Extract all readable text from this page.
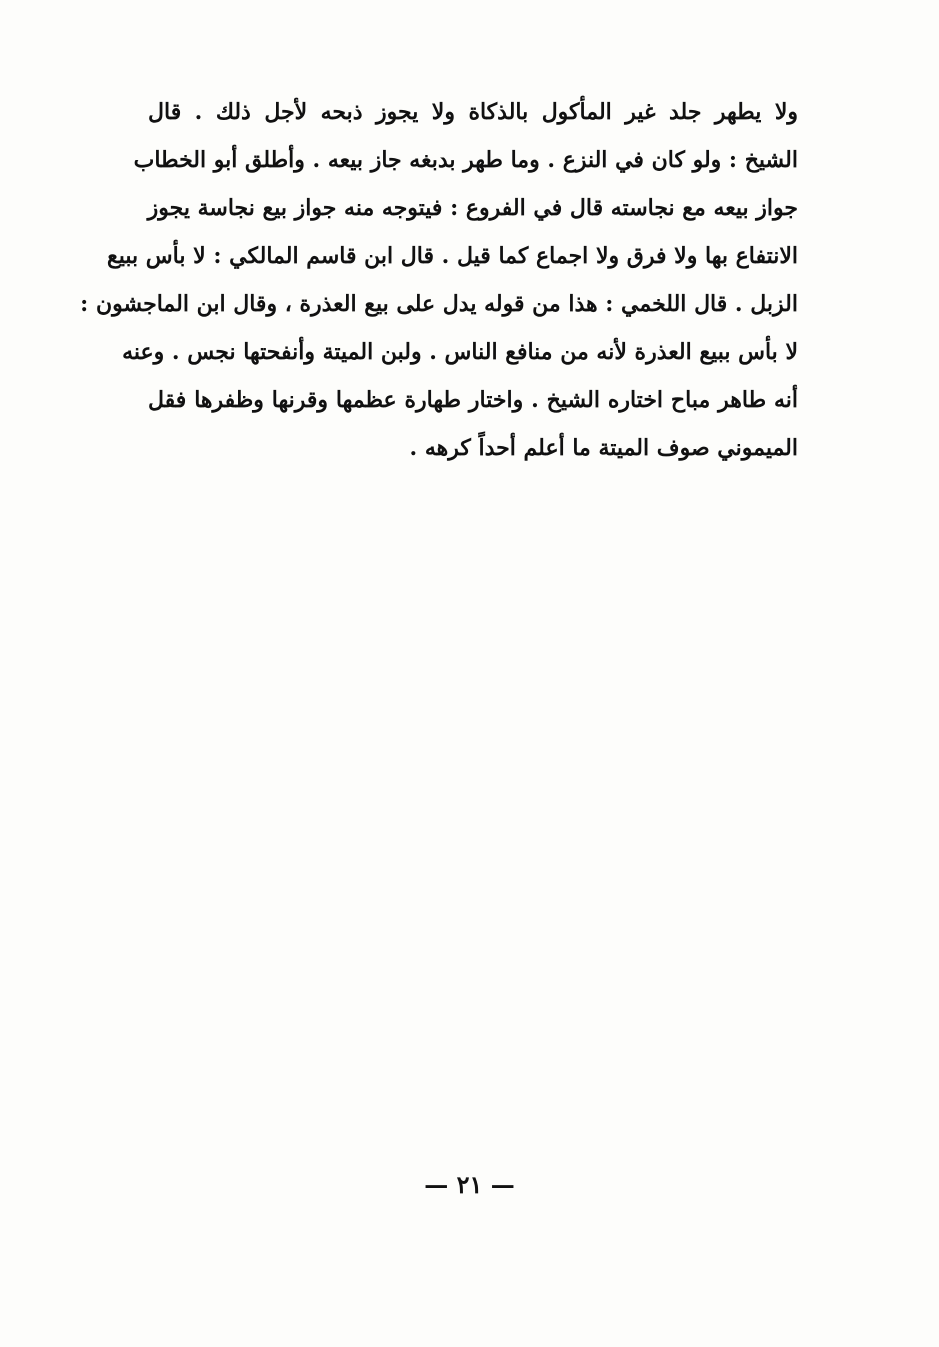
ولا يطهر جلد غير المأكول بالذكاة ولا يجوز ذبحه لأجل ذلك . قال
الشيخ : ولو كان في النزع . وما طهر بدبغه جاز بيعه . وأطلق أبو الخطاب
جواز بيعه مع نجاسته قال في الفروع : فيتوجه منه جواز بيع نجاسة يجوز
الانتفاع بها ولا فرق ولا اجماع كما قيل . قال ابن قاسم المالكي : لا بأس ببيع
الزبل . قال اللخمي : هذا من قوله يدل على بيع العذرة ، وقال ابن الماجشون :
لا بأس ببيع العذرة لأنه من منافع الناس . ولبن الميتة وأنفحتها نجس . وعنه
أنه طاهر مباح اختاره الشيخ . واختار طهارة عظمها وقرنها وظفرها فقل
الميموني صوف الميتة ما أعلم أحداً كرهه .
— ٢١ —
